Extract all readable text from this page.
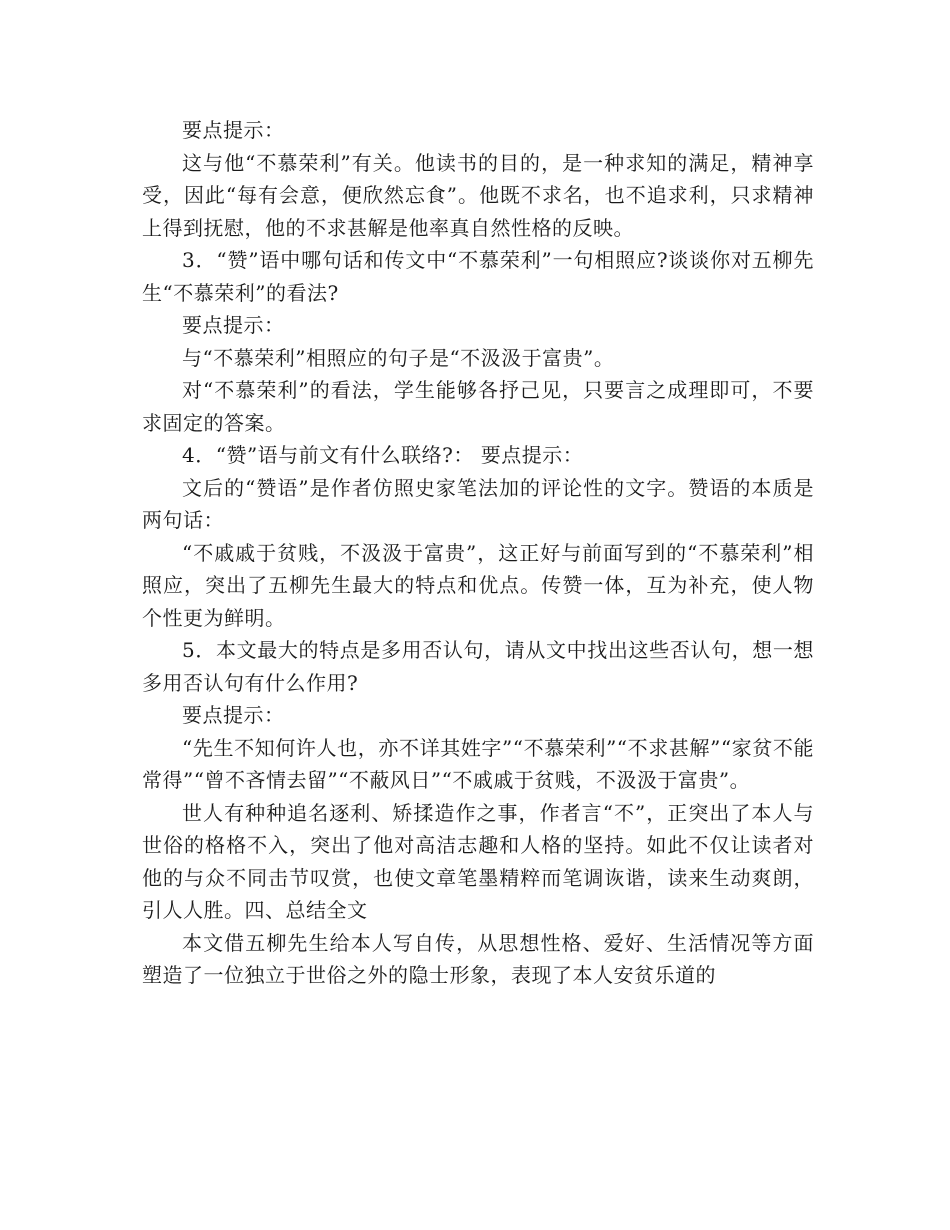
要点提示：

这与他“不慕荣利”有关。他读书的目的，是一种求知的满足，精神享受，因此“每有会意，便欣然忘食”。他既不求名，也不追求利，只求精神上得到抚慰，他的不求甚解是他率真自然性格的反映。

3．“赞”语中哪句话和传文中“不慕荣利”一句相照应?谈谈你对五柳先生“不慕荣利”的看法?

要点提示：

与“不慕荣利”相照应的句子是“不汲汲于富贵”。

对“不慕荣利”的看法，学生能够各抒己见，只要言之成理即可，不要求固定的答案。

4．“赞”语与前文有什么联络?： 要点提示：

文后的“赞语”是作者仿照史家笔法加的评论性的文字。赞语的本质是两句话：

“不戚戚于贫贱，不汲汲于富贵”，这正好与前面写到的“不慕荣利”相照应，突出了五柳先生最大的特点和优点。传赞一体，互为补充，使人物个性更为鲜明。

5．本文最大的特点是多用否认句，请从文中找出这些否认句，想一想多用否认句有什么作用?

要点提示：

“先生不知何许人也，亦不详其姓字”“不慕荣利”“不求甚解”“家贫不能常得”“曾不吝情去留”“不蔽风日”“不戚戚于贫贱，不汲汲于富贵”。

世人有种种追名逐利、矫揉造作之事，作者言“不”，正突出了本人与世俗的格格不入，突出了他对高洁志趣和人格的坚持。如此不仅让读者对他的与众不同击节叹赏，也使文章笔墨精粹而笔调诙谐，读来生动爽朗，引人人胜。四、总结全文

本文借五柳先生给本人写自传，从思想性格、爱好、生活情况等方面塑造了一位独立于世俗之外的隐士形象，表现了本人安贫乐道的
